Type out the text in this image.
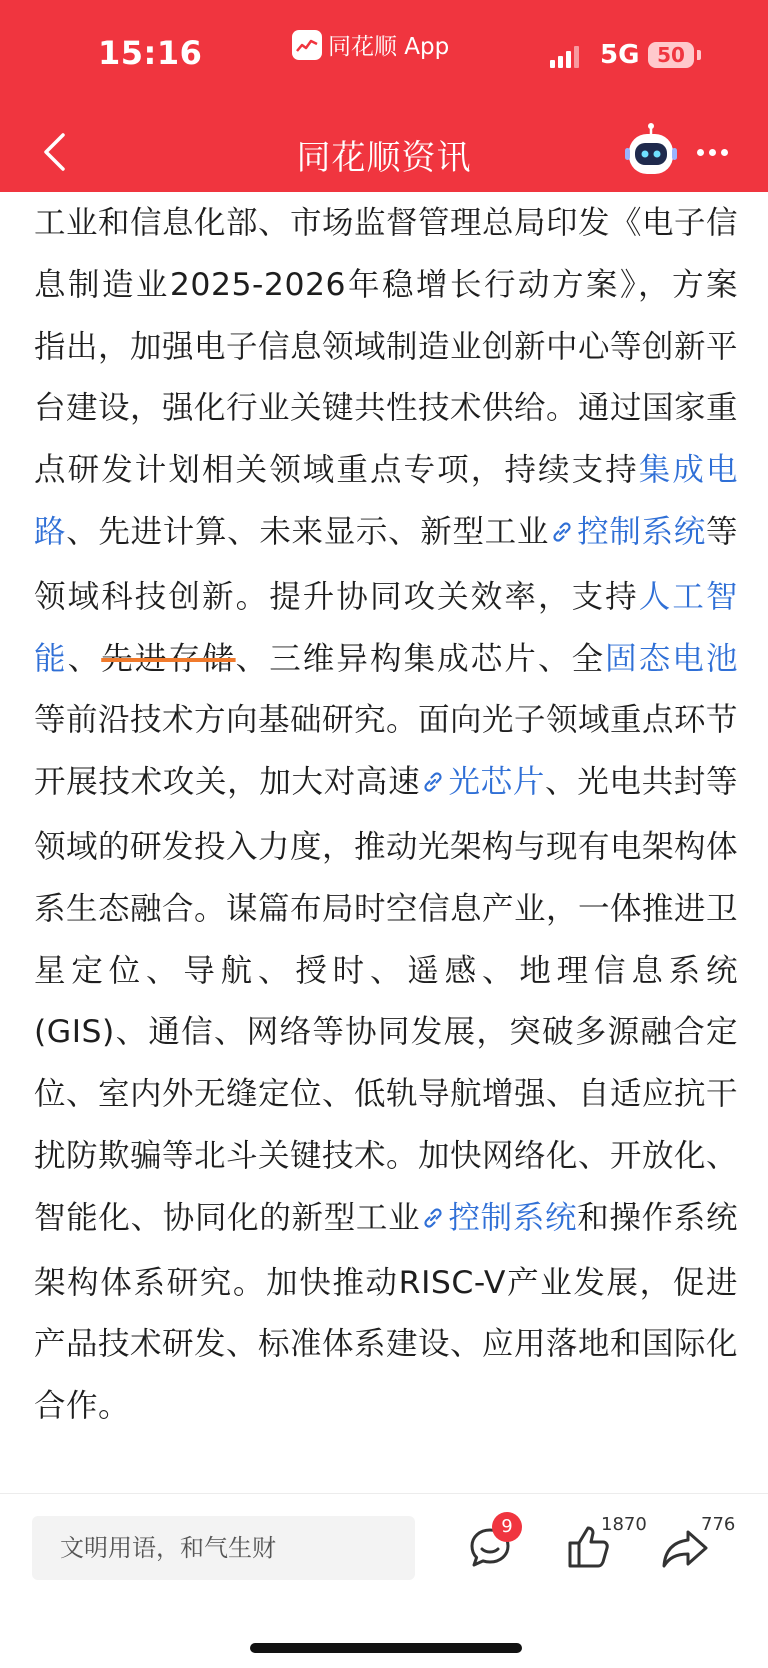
15:16	同花顺 App	5G 50
同花顺资讯

工业和信息化部、市场监督管理总局印发《电子信息制造业2025-2026年稳增长行动方案》，方案指出，加强电子信息领域制造业创新中心等创新平台建设，强化行业关键共性技术供给。通过国家重点研发计划相关领域重点专项，持续支持集成电路、先进计算、未来显示、新型工业 控制系统等领域科技创新。提升协同攻关效率，支持人工智能、先进存储、三维异构集成芯片、全固态电池等前沿技术方向基础研究。面向光子领域重点环节开展技术攻关，加大对高速 光芯片、光电共封等领域的研发投入力度，推动光架构与现有电架构体系生态融合。谋篇布局时空信息产业，一体推进卫星定位、导航、授时、遥感、地理信息系统(GIS)、通信、网络等协同发展，突破多源融合定位、室内外无缝定位、低轨导航增强、自适应抗干扰防欺骗等北斗关键技术。加快网络化、开放化、智能化、协同化的新型工业 控制系统和操作系统架构体系研究。加快推动RISC-V产业发展，促进产品技术研发、标准体系建设、应用落地和国际化合作。

文明用语，和气生财
9	1870	776
